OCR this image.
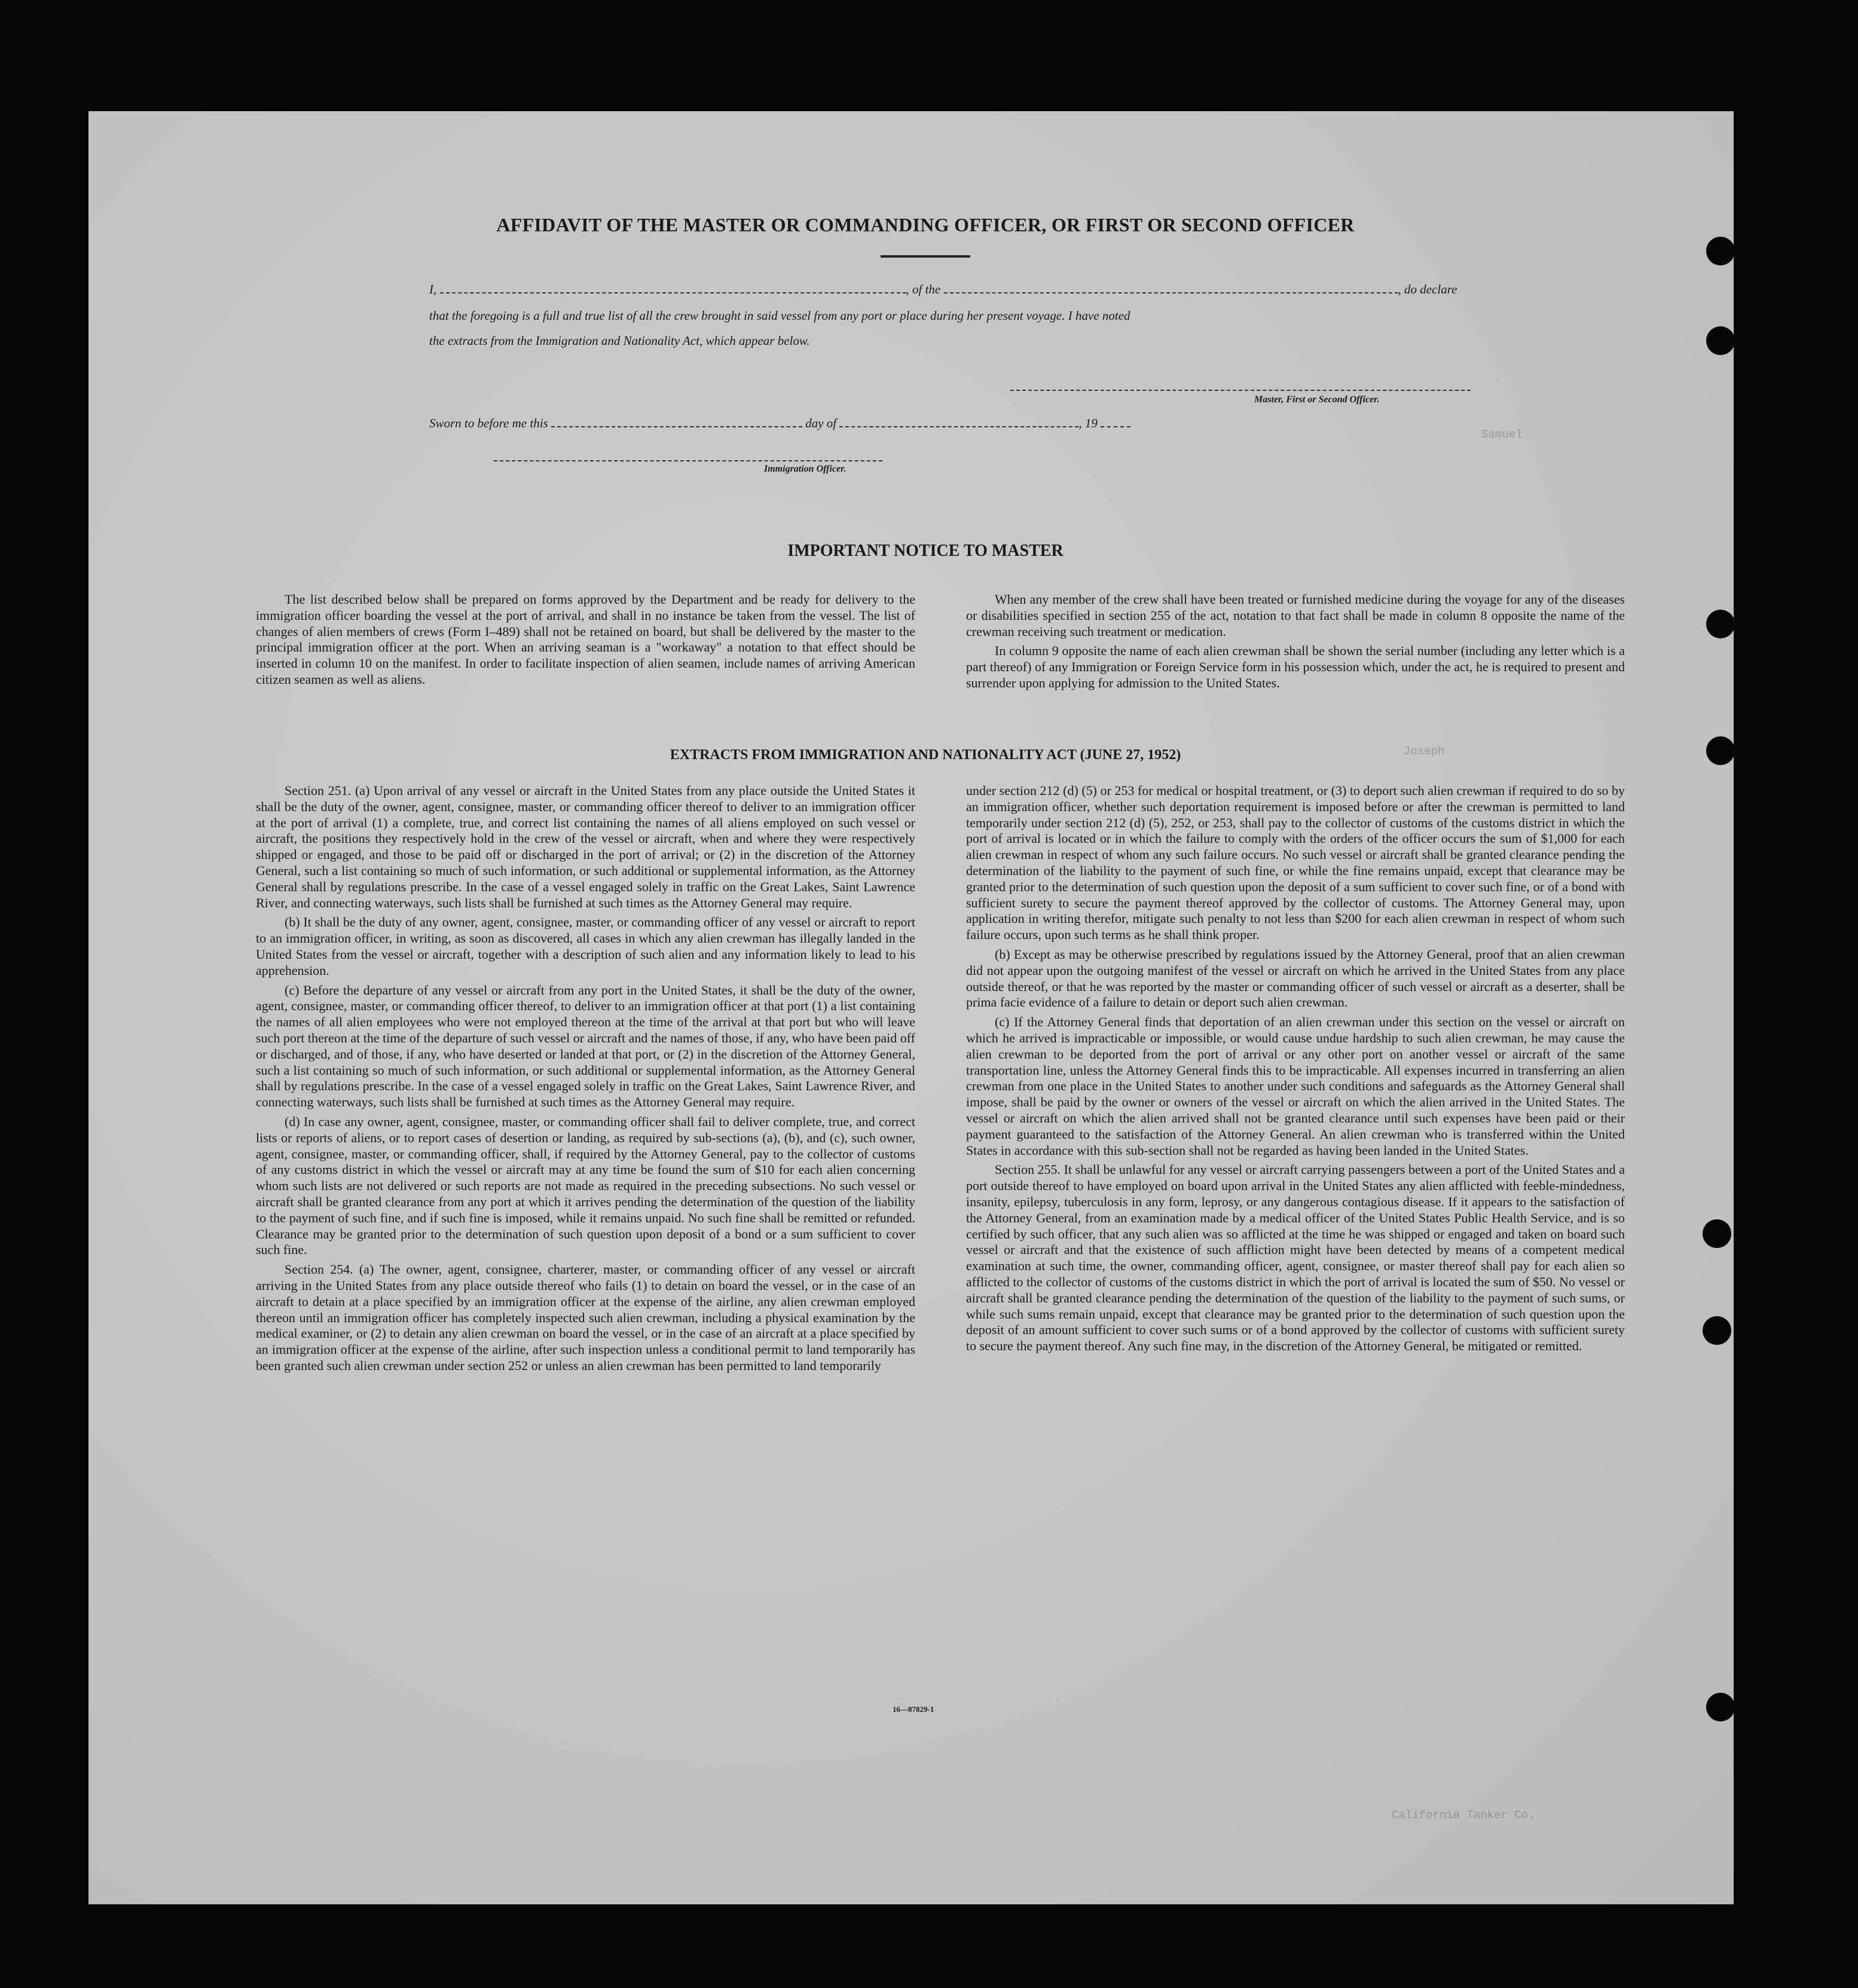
Samuel
Joseph
California Tanker Co.
AFFIDAVIT OF THE MASTER OR COMMANDING OFFICER, OR FIRST OR SECOND OFFICER
I,	, of the	, do declare
that the foregoing is a full and true list of all the crew brought in said vessel from any port or place during her present voyage. I have noted
the extracts from the Immigration and Nationality Act, which appear below.
Master, First or Second Officer.
Sworn to before me this	day of	, 19
Immigration Officer.
IMPORTANT NOTICE TO MASTER

The list described below shall be prepared on forms approved by the Department and be ready for delivery to the immigration officer boarding the vessel at the port of arrival, and shall in no instance be taken from the vessel. The list of changes of alien members of crews (Form I–489) shall not be retained on board, but shall be delivered by the master to the principal immigration officer at the port. When an arriving seaman is a "workaway" a notation to that effect should be inserted in column 10 on the manifest. In order to facilitate inspection of alien seamen, include names of arriving American citizen seamen as well as aliens.

When any member of the crew shall have been treated or furnished medicine during the voyage for any of the diseases or disabilities specified in section 255 of the act, notation to that fact shall be made in column 8 opposite the name of the crewman receiving such treatment or medication.

In column 9 opposite the name of each alien crewman shall be shown the serial number (including any letter which is a part thereof) of any Immigration or Foreign Service form in his possession which, under the act, he is required to present and surrender upon applying for admission to the United States.

EXTRACTS FROM IMMIGRATION AND NATIONALITY ACT (JUNE 27, 1952)

Section 251. (a) Upon arrival of any vessel or aircraft in the United States from any place outside the United States it shall be the duty of the owner, agent, consignee, master, or commanding officer thereof to deliver to an immigration officer at the port of arrival (1) a complete, true, and correct list containing the names of all aliens employed on such vessel or aircraft, the positions they respectively hold in the crew of the vessel or aircraft, when and where they were respectively shipped or engaged, and those to be paid off or discharged in the port of arrival; or (2) in the discretion of the Attorney General, such a list containing so much of such information, or such additional or supplemental information, as the Attorney General shall by regulations prescribe. In the case of a vessel engaged solely in traffic on the Great Lakes, Saint Lawrence River, and connecting waterways, such lists shall be furnished at such times as the Attorney General may require.

(b) It shall be the duty of any owner, agent, consignee, master, or commanding officer of any vessel or aircraft to report to an immigration officer, in writing, as soon as discovered, all cases in which any alien crewman has illegally landed in the United States from the vessel or aircraft, together with a description of such alien and any information likely to lead to his apprehension.

(c) Before the departure of any vessel or aircraft from any port in the United States, it shall be the duty of the owner, agent, consignee, master, or commanding officer thereof, to deliver to an immigration officer at that port (1) a list containing the names of all alien employees who were not employed thereon at the time of the arrival at that port but who will leave such port thereon at the time of the departure of such vessel or aircraft and the names of those, if any, who have been paid off or discharged, and of those, if any, who have deserted or landed at that port, or (2) in the discretion of the Attorney General, such a list containing so much of such information, or such additional or supplemental information, as the Attorney General shall by regulations prescribe. In the case of a vessel engaged solely in traffic on the Great Lakes, Saint Lawrence River, and connecting waterways, such lists shall be furnished at such times as the Attorney General may require.

(d) In case any owner, agent, consignee, master, or commanding officer shall fail to deliver complete, true, and correct lists or reports of aliens, or to report cases of desertion or landing, as required by sub-sections (a), (b), and (c), such owner, agent, consignee, master, or commanding officer, shall, if required by the Attorney General, pay to the collector of customs of any customs district in which the vessel or aircraft may at any time be found the sum of $10 for each alien concerning whom such lists are not delivered or such reports are not made as required in the preceding subsections. No such vessel or aircraft shall be granted clearance from any port at which it arrives pending the determination of the question of the liability to the payment of such fine, and if such fine is imposed, while it remains unpaid. No such fine shall be remitted or refunded. Clearance may be granted prior to the determination of such question upon deposit of a bond or a sum sufficient to cover such fine.

Section 254. (a) The owner, agent, consignee, charterer, master, or commanding officer of any vessel or aircraft arriving in the United States from any place outside thereof who fails (1) to detain on board the vessel, or in the case of an aircraft to detain at a place specified by an immigration officer at the expense of the airline, any alien crewman employed thereon until an immigration officer has completely inspected such alien crewman, including a physical examination by the medical examiner, or (2) to detain any alien crewman on board the vessel, or in the case of an aircraft at a place specified by an immigration officer at the expense of the airline, after such inspection unless a conditional permit to land temporarily has been granted such alien crewman under section 252 or unless an alien crewman has been permitted to land temporarily

under section 212 (d) (5) or 253 for medical or hospital treatment, or (3) to deport such alien crewman if required to do so by an immigration officer, whether such deportation requirement is imposed before or after the crewman is permitted to land temporarily under section 212 (d) (5), 252, or 253, shall pay to the collector of customs of the customs district in which the port of arrival is located or in which the failure to comply with the orders of the officer occurs the sum of $1,000 for each alien crewman in respect of whom any such failure occurs. No such vessel or aircraft shall be granted clearance pending the determination of the liability to the payment of such fine, or while the fine remains unpaid, except that clearance may be granted prior to the determination of such question upon the deposit of a sum sufficient to cover such fine, or of a bond with sufficient surety to secure the payment thereof approved by the collector of customs. The Attorney General may, upon application in writing therefor, mitigate such penalty to not less than $200 for each alien crewman in respect of whom such failure occurs, upon such terms as he shall think proper.

(b) Except as may be otherwise prescribed by regulations issued by the Attorney General, proof that an alien crewman did not appear upon the outgoing manifest of the vessel or aircraft on which he arrived in the United States from any place outside thereof, or that he was reported by the master or commanding officer of such vessel or aircraft as a deserter, shall be prima facie evidence of a failure to detain or deport such alien crewman.

(c) If the Attorney General finds that deportation of an alien crewman under this section on the vessel or aircraft on which he arrived is impracticable or impossible, or would cause undue hardship to such alien crewman, he may cause the alien crewman to be deported from the port of arrival or any other port on another vessel or aircraft of the same transportation line, unless the Attorney General finds this to be impracticable. All expenses incurred in transferring an alien crewman from one place in the United States to another under such conditions and safeguards as the Attorney General shall impose, shall be paid by the owner or owners of the vessel or aircraft on which the alien arrived in the United States. The vessel or aircraft on which the alien arrived shall not be granted clearance until such expenses have been paid or their payment guaranteed to the satisfaction of the Attorney General. An alien crewman who is transferred within the United States in accordance with this sub-section shall not be regarded as having been landed in the United States.

Section 255. It shall be unlawful for any vessel or aircraft carrying passengers between a port of the United States and a port outside thereof to have employed on board upon arrival in the United States any alien afflicted with feeble-mindedness, insanity, epilepsy, tuberculosis in any form, leprosy, or any dangerous contagious disease. If it appears to the satisfaction of the Attorney General, from an examination made by a medical officer of the United States Public Health Service, and is so certified by such officer, that any such alien was so afflicted at the time he was shipped or engaged and taken on board such vessel or aircraft and that the existence of such affliction might have been detected by means of a competent medical examination at such time, the owner, commanding officer, agent, consignee, or master thereof shall pay for each alien so afflicted to the collector of customs of the customs district in which the port of arrival is located the sum of $50. No vessel or aircraft shall be granted clearance pending the determination of the question of the liability to the payment of such sums, or while such sums remain unpaid, except that clearance may be granted prior to the determination of such question upon the deposit of an amount sufficient to cover such sums or of a bond approved by the collector of customs with sufficient surety to secure the payment thereof. Any such fine may, in the discretion of the Attorney General, be mitigated or remitted.

16—87829-1
